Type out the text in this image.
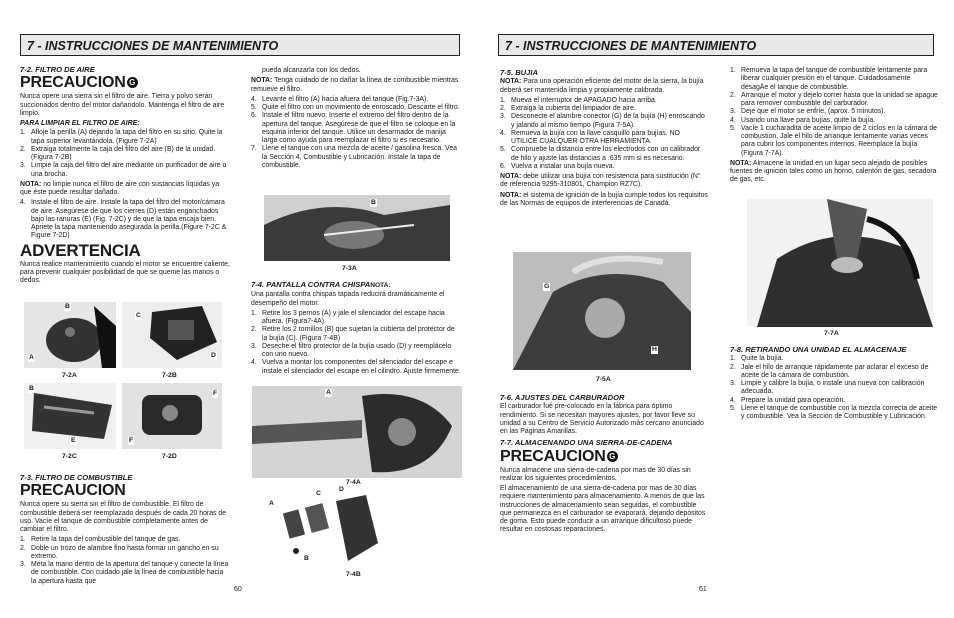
7 - INSTRUCCIONES DE MANTENIMIENTO
7-2. FILTRO DE AIRE
PRECAUCION G

Nunca opere una sierra sin el filtro de aire. Tierra y polvo serán succionados dentro del motor dañandolo. Mantenga el filtro de aire limpio.

PARA LIMPIAR EL FILTRO DE AIRE:
1. Afloje la perilla (A) dejando la tapa del filtro en su sitio. Quite la tapa superior levantándola. (Figure 7-2A)
2. Extraiga totalmente la caja del filtro del aire (B) de la unidad. (Figura 7-2B)
3. Limpie la caja del filtro del aire mediante un purificador de aire o una brocha.

NOTA: no limpie nunca el filtro de aire con sustancias líquidas ya que éste puede resultar dañado.

4. Instale el filtro de aire. Instale la tapa del filtro del motor/cámara de aire. Asegúrese de que los cierres (D) están enganchados bajo las ranuras (E) (Fig. 7-2C) y de que la tapa encaja bien. Apriete la tapa manteniendo asegurada la perilla.(Figure 7-2C & Figure 7-2D)
ADVERTENCIA

Nunca realice mantenimiento cuando el motor se encuentre caliente, para prevenir cualquier posibilidad de que se queme las manos o dedos.

A
B
7-2A
C
D
7-2B
B
E
7-2C
F
F
7-2D
7-3. FILTRO DE COMBUSTIBLE
PRECAUCION

Nunca opere su sierra sin el filtro de combustible. El filtro de combustible deberá ser reemplazado después de cada 20 horas de uso. Vacíe el tanque de combustible completamente antes de cambiar el filtro.

1. Retire la tapa del combustible del tanque de gas.
2. Doble un trozo de alambre fino hasta formar un gancho en su extremo.
3. Meta la mano dentro de la apertura del tanque y conecte la línea de combustible. Con cuidado jale la línea de combustible hacia la apertura hasta que

pueda alcanzarla con los dedos.

NOTA: Tenga cuidado de no dañar la línea de combustible mientras remueve el filtro.

4. Levante el filtro (A) hacia afuera del tanque (Fig.7-3A).
5. Quite el filtro con un movimiento de enroscado. Descarte el filtro.
6. Instale el filtro nuevo. Inserte el extremo del filtro dentro de la apertura del tanque. Asegúrese de que el filtro se coloque en la esquina inferior del tanque. Utilice un desarmador de manija larga como ayuda para reemplazar el filtro si es necesario.
7. Llene el tanque con una mezcla de aceite / gasolina fresca. Vea la Sección 4, Combustible y Lubricación. Instale la tapa de combustible.
B
7-3A
7-4. PANTALLA CONTRA CHISPANOTA:

Una pantalla contra chispas tapada reducirá dramáticamente el desempeño del motor.

1. Retire los 3 pernos (A) y jale el silenciador del escape hacia afuera. (Figura7-4A).
2. Retire los 2 tornillos (B) que sujetan la cubierta del protector de la bujía (C). (Figura 7-4B)
3. Deseche el filtro protector de la bujía usado (D) y reemplácelo con uno nuevo.
4. Vuelva a montar los componentes del silenciador del escape e instale el silenciador del escape en el cilindro. Ajuste firmemente.
A
7-4A
A
C
D
B
7-4B
60
7 - INSTRUCCIONES DE MANTENIMIENTO
7-5. BUJIA

NOTA: Para una operación eficiente del motor de la sierra, la bujía deberá ser mantenida limpia y propiamente calibrada.

1. Mueva el interruptor de APAGADO hacia arriba.
2. Extraiga la cubierta del limpiador de aire.
3. Desconecte el alambre conector (G) de la bujía (H) enroscando y jalando al mismo tiempo (Figura 7-5A).
4. Remueva la bujía con la llave casquillo para bujías. NO UTILICE CUALQUER OTRA HERRAMIENTA.
5. Compruebe la distancia entre los electrodos con un calibrador de hilo y ajuste las distancias a .635 mm si es necesario.
6. Vuelva a instalar una bujía nueva.

NOTA: debe utilizar una bujía con resistencia para sustitución (N° de referencia 9295-310801, Champion RZ7C).

NOTA: el sistema de ignición de la bujía cumple todos los requisitos de las Normas de equipos de interferencias de Canadá.

G
H
7-5A
7-6. AJUSTES DEL CARBURADOR

El carburador fué pre-colocado en la fábrica para óptimo rendimiento. Si se necesitan mayores ajustes, por favor lleve su unidad a su Centro de Servicio Autorizado más cercano anunciado en las Páginas Amarillas.

7-7. ALMACENANDO UNA SIERRA-DE-CADENA
PRECAUCION G

Nunca almacene una sierra-de-cadena por mas de 30 días sin realizar los siguientes procedimientos.

El almacenamiento de una sierra-de-cadena por mas de 30 días requiere mantenimiento para almacenamiento. A menos de que las instrucciones de almacenamiento sean seguidas, el combustible que permanezca en el carburador se evaporará, dejando depósitos de goma. Esto puede conducir a un arranque dificultoso puede resultar en costosas reparaciones.

1. Remueva la tapa del tanque de combustible lentamente para liberar cualquier presión en el tanque. Cuidadosamente desagÄe el tanque de combustible.
2. Arranque el motor y dejelo correr hasta que la unidad se apague para remover combustible del carburador.
3. Deje que el motor se enfríe, (aprox. 5 minutos).
4. Usando una llave para bujías, quite la bujía.
5. Vacíe 1 cucharadita de aceite limpio de 2 ciclos en la cámara de combustion. Jale el hilo de arranque lentamente varias veces para cubrir los componentes internos. Reemplace la bujía (Figura 7-7A).

NOTA: Almacene la unidad en un lugar seco alejado de posibles fuentes de ignición tales como un horno, calentón de gas, secadora de gas, etc.

7-7A
7-8. RETIRANDO UNA UNIDAD EL ALMACENAJE
1. Quite la bujía.
2. Jale el hilo de arranque rápidamente par aclarar el exceso de aceite de la cámara de combustión.
3. Limpie y calibre la bujía, o instale una nueva con calibración adecuada.
4. Prepare la unidad para operación.
5. Llene el tanque de combustible con la mezcla correcta de aceite y combustible. Vea la Sección de Combustible y Lubricación.
61
